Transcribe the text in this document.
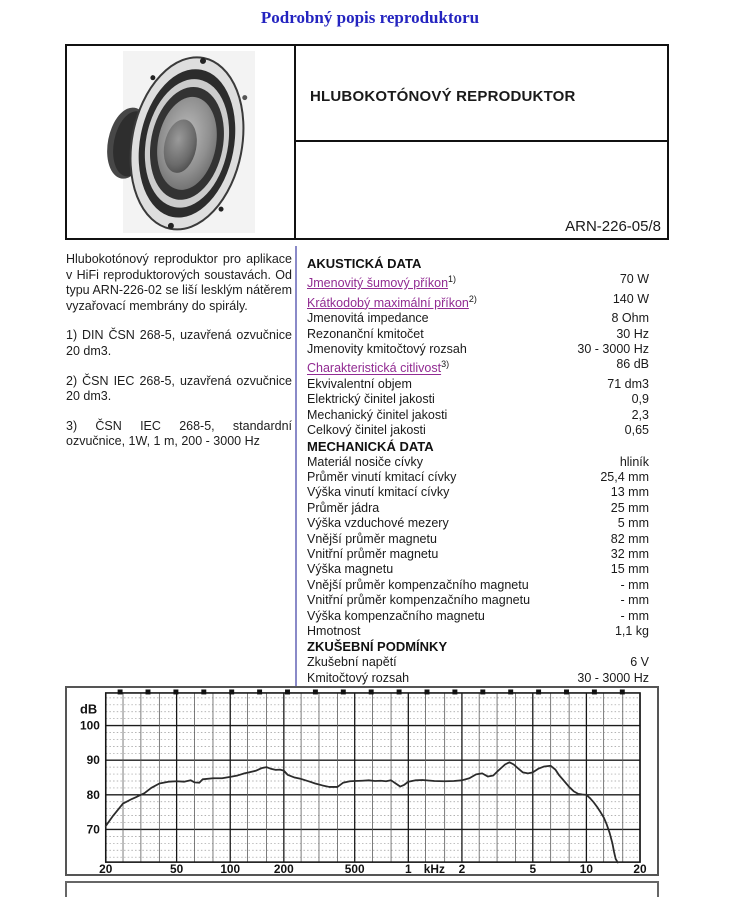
Podrobný popis reproduktoru
HLUBOKOTÓNOVÝ REPRODUKTOR
ARN-226-05/8

Hlubokotónový reproduktor pro aplikace v HiFi reproduktorových soustavách. Od typu ARN-226-02 se liší lesklým nátěrem vyzařovací membrány do spirály.

1) DIN ČSN 268-5, uzavřená ozvučnice 20 dm3.

2) ČSN IEC 268-5, uzavřená ozvučnice 20 dm3.

3) ČSN IEC 268-5, standardní ozvučnice, 1W, 1 m, 200 - 3000 Hz

AKUSTICKÁ DATA
Jmenovitý šumový příkon$^{1)}$	70 W
Krátkodobý maximální příkon$^{2)}$	140 W
Jmenovitá impedance	8 Ohm
Rezonanční kmitočet	30 Hz
Jmenovity kmitočtový rozsah	30 - 3000 Hz
Charakteristická citlivost$^{3)}$	86 dB
Ekvivalentní objem	71 dm3
Elektrický činitel jakosti	0,9
Mechanický činitel jakosti	2,3
Celkový činitel jakosti	0,65
MECHANICKÁ DATA
Materiál nosiče cívky	hliník
Průměr vinutí kmitací cívky	25,4 mm
Výška vinutí kmitací cívky	13 mm
Průměr jádra	25 mm
Výška vzduchové mezery	5 mm
Vnější průměr magnetu	82 mm
Vnitřní průměr magnetu	32 mm
Výška magnetu	15 mm
Vnější průměr kompenzačního magnetu	- mm
Vnitřní průměr kompenzačního magnetu	- mm
Výška kompenzačního magnetu	- mm
Hmotnost	1,1 kg
ZKUŠEBNÍ PODMÍNKY
Zkušební napětí	6 V
Kmitočtový rozsah	30 - 3000 Hz
dB
100
90
80
70
20	50	100	200	500	1	2	5	10	20
kHz
